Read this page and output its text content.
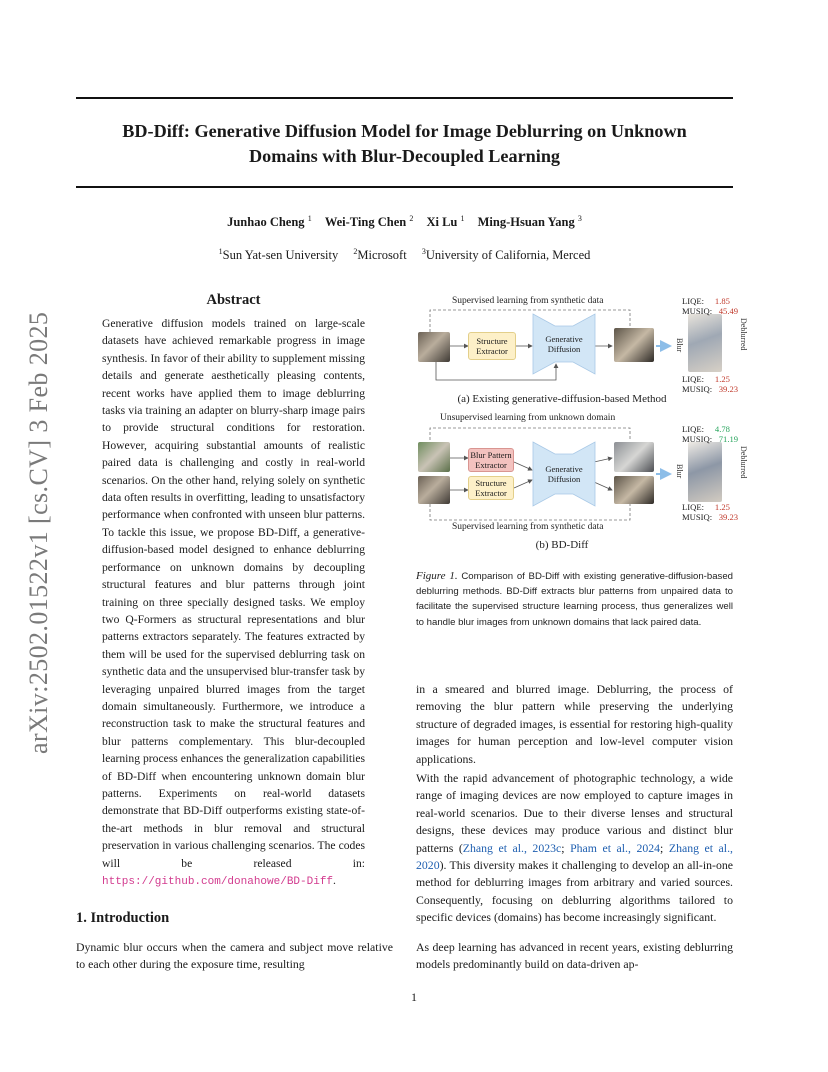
BD-Diff: Generative Diffusion Model for Image Deblurring on Unknown
Domains with Blur-Decoupled Learning
Junhao Cheng $^1$ Wei-Ting Chen $^2$ Xi Lu $^1$ Ming-Hsuan Yang $^3$
$^1$Sun Yat-sen University $^2$Microsoft $^3$University of California, Merced
arXiv:2502.01522v1 [cs.CV] 3 Feb 2025
Abstract
Generative diffusion models trained on large-scale datasets have achieved remarkable progress in image synthesis. In favor of their ability to supplement missing details and generate aesthetically pleasing contents, recent works have applied them to image deblurring tasks via training an adapter on blurry-sharp image pairs to provide structural conditions for restoration. However, acquiring substantial amounts of realistic paired data is challenging and costly in real-world scenarios. On the other hand, relying solely on synthetic data often results in overfitting, leading to unsatisfactory performance when confronted with unseen blur patterns. To tackle this issue, we propose BD-Diff, a generative-diffusion-based model designed to enhance deblurring performance on unknown domains by decoupling structural features and blur patterns through joint training on three specially designed tasks. We employ two Q-Formers as structural representations and blur patterns extractors separately. The features extracted by them will be used for the supervised deblurring task on synthetic data and the unsupervised blur-transfer task by leveraging unpaired blurred images from the target domain simultaneously. Furthermore, we introduce a reconstruction task to make the structural features and blur patterns complementary. This blur-decoupled learning process enhances the generalization capabilities of BD-Diff when encountering unknown domain blur patterns. Experiments on real-world datasets demonstrate that BD-Diff outperforms existing state-of-the-art methods in blur removal and structural preservation in various challenging scenarios. The codes will be released in: https://github.com/donahowe/BD-Diff.
1. Introduction
Dynamic blur occurs when the camera and subject move relative to each other during the exposure time, resulting
in a smeared and blurred image. Deblurring, the process of removing the blur pattern while preserving the underlying structure of degraded images, is essential for restoring high-quality images for human perception and low-level computer vision applications.
With the rapid advancement of photographic technology, a wide range of imaging devices are now employed to capture images in real-world scenarios. Due to their diverse lenses and structural designs, these devices may produce various and distinct blur patterns (Zhang et al., 2023c; Pham et al., 2024; Zhang et al., 2020). This diversity makes it challenging to develop an all-in-one method for deblurring images from arbitrary and varied sources. Consequently, focusing on deblurring algorithms tailored to specific devices (domains) has become increasingly significant.
As deep learning has advanced in recent years, existing deblurring models predominantly build on data-driven ap-
Supervised learning from synthetic data
Structure Extractor
Generative Diffusion	Blur	Deblurred
LIQE: 1.85
MUSIQ: 45.49
LIQE: 1.25
MUSIQ: 39.23
(a) Existing generative-diffusion-based Method
Unsupervised learning from unknown domain
Blur Pattern Extractor
Structure Extractor
Generative Diffusion
Blur	Deblurred
LIQE: 4.78
MUSIQ: 71.19
LIQE: 1.25
MUSIQ: 39.23
Supervised learning from synthetic data
(b) BD-Diff
Figure 1. Comparison of BD-Diff with existing generative-diffusion-based deblurring methods. BD-Diff extracts blur patterns from unpaired data to facilitate the supervised structure learning process, thus generalizes well to handle blur images from unknown domains that lack paired data.
1
